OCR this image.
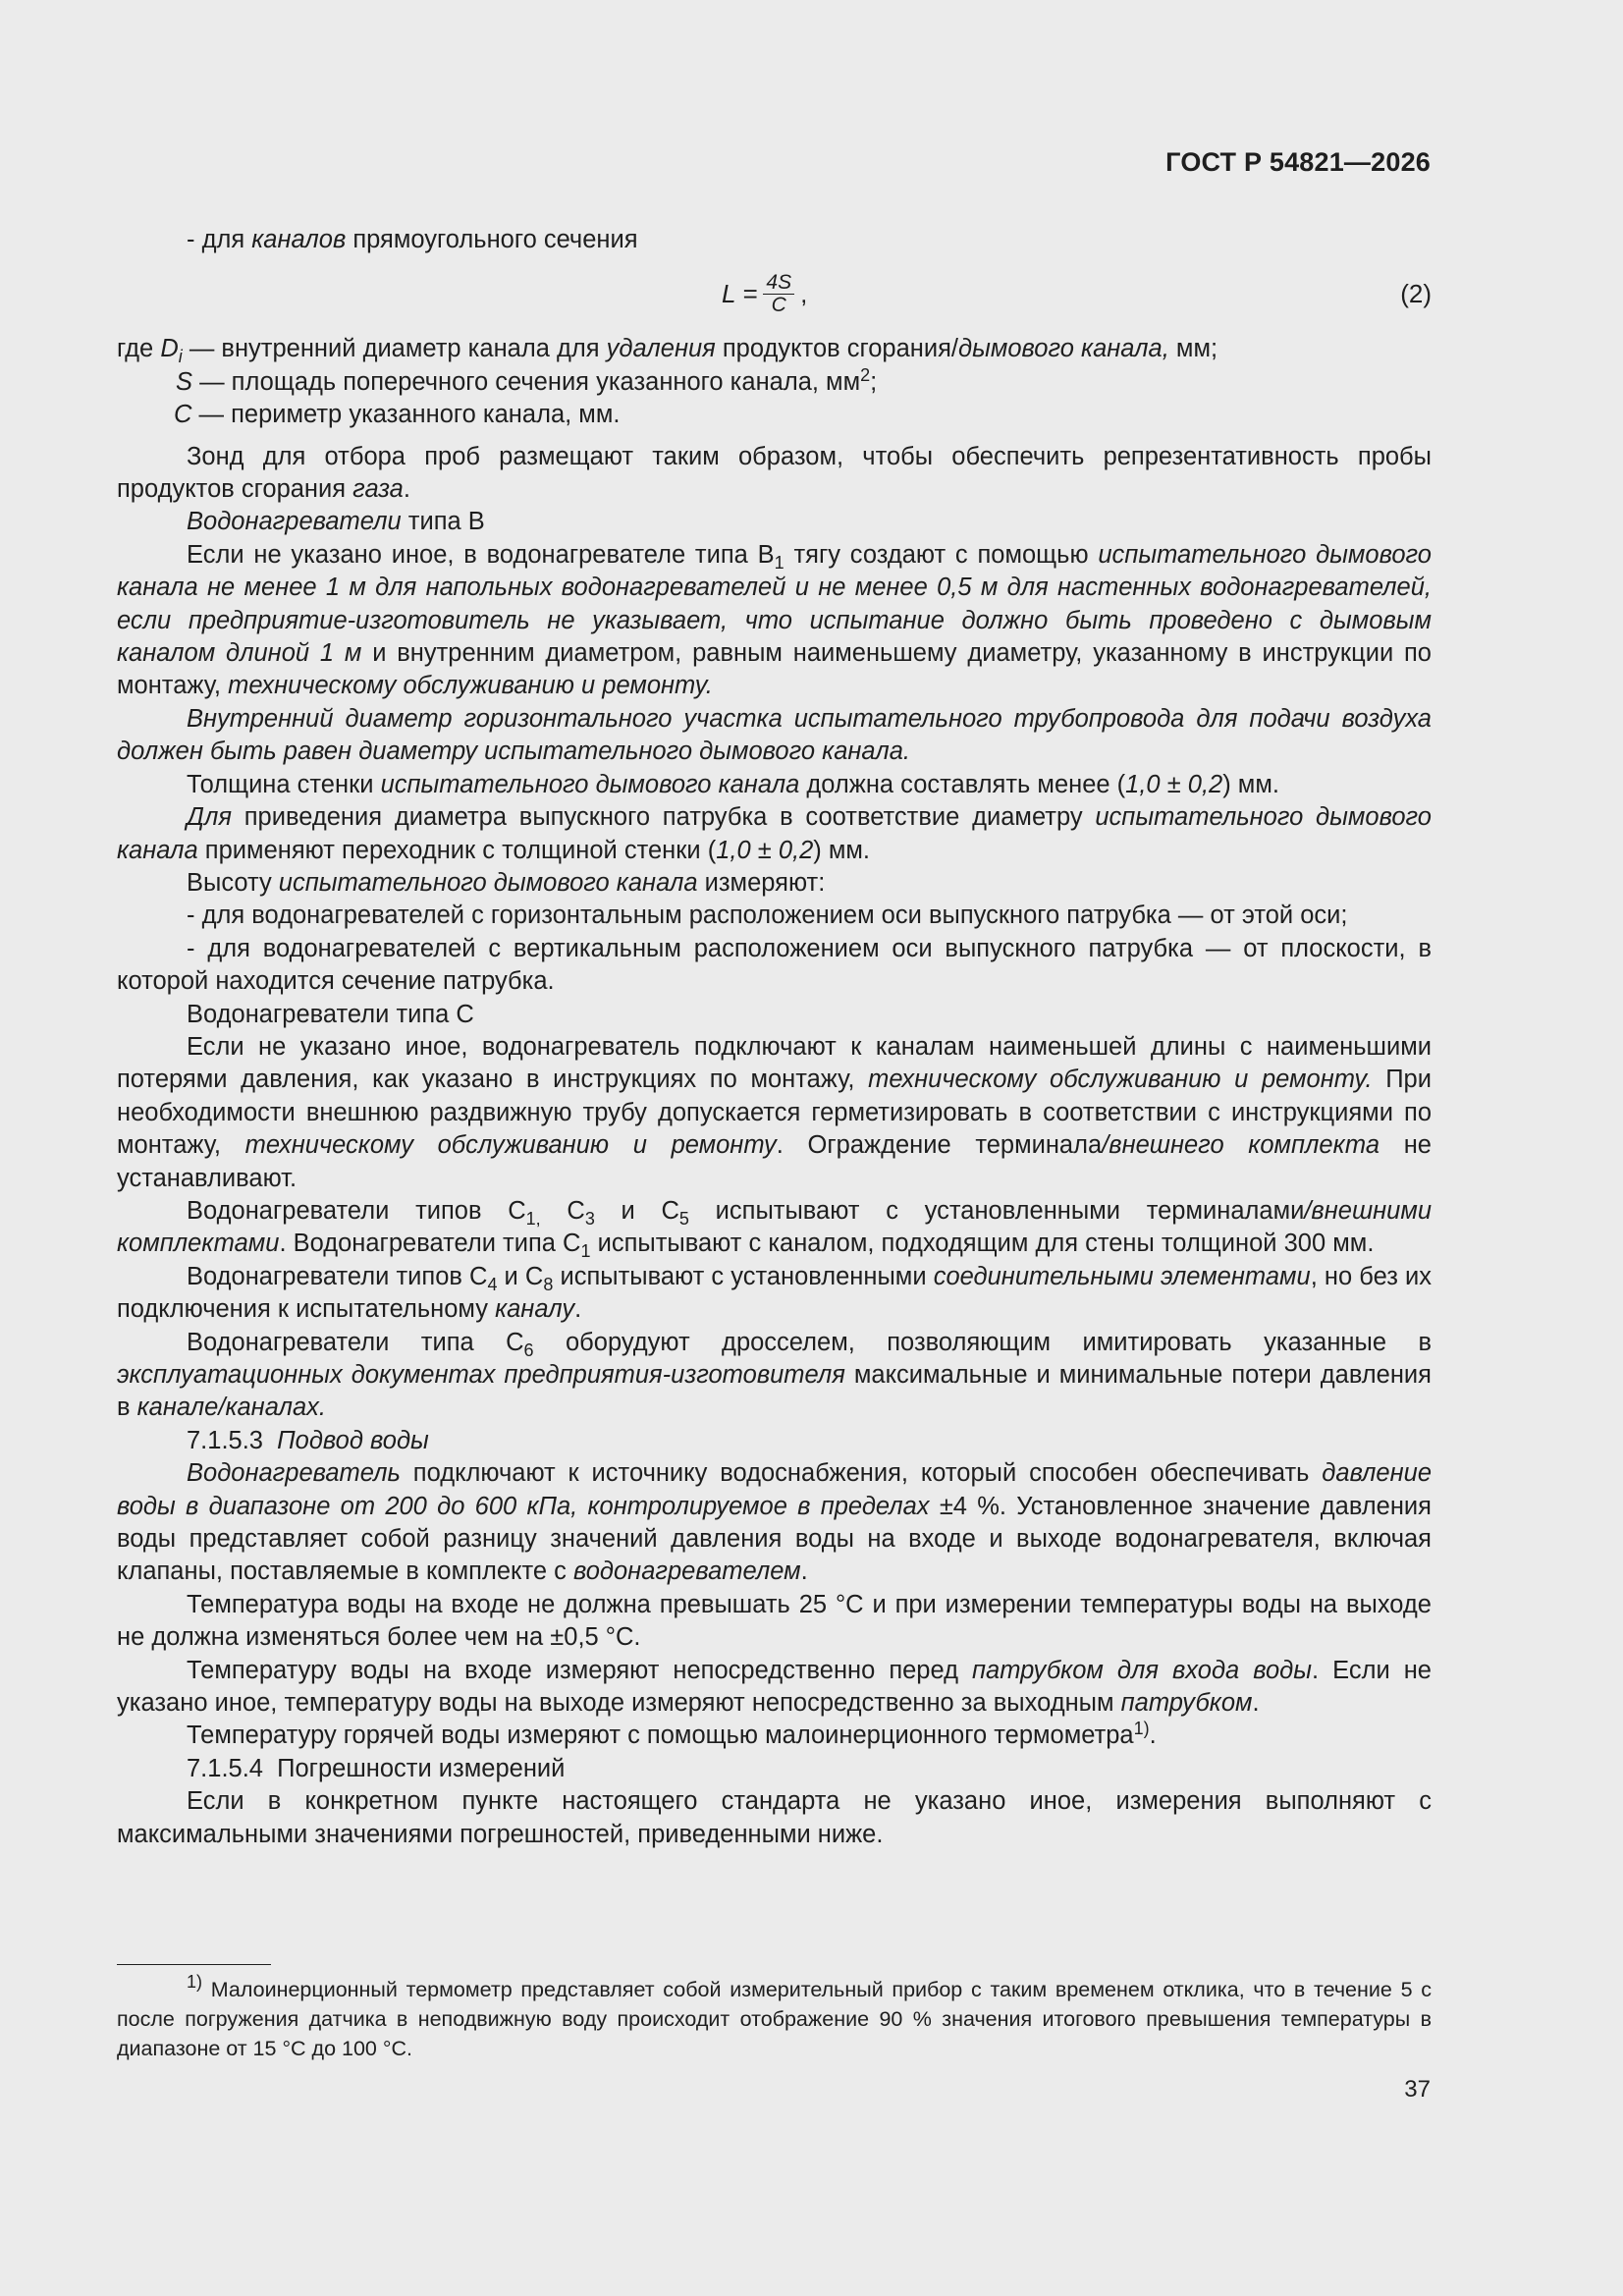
ГОСТ Р 54821—2026

- для каналов прямоугольного сечения

$L = \frac{4S}{C}$ ,	(2)
где $D_i$ — внутренний диаметр канала для удаления продуктов сгорания/дымового канала, мм;
S — площадь поперечного сечения указанного канала, $мм^2$;
C — периметр указанного канала, мм.

Зонд для отбора проб размещают таким образом, чтобы обеспечить репрезентативность пробы продуктов сгорания газа.

Водонагреватели типа В

Если не указано иное, в водонагревателе типа $В_1$ тягу создают с помощью испытательного дымового канала не менее 1 м для напольных водонагревателей и не менее 0,5 м для настенных водонагревателей, если предприятие-изготовитель не указывает, что испытание должно быть проведено с дымовым каналом длиной 1 м и внутренним диаметром, равным наименьшему диаметру, указанному в инструкции по монтажу, техническому обслуживанию и ремонту.

Внутренний диаметр горизонтального участка испытательного трубопровода для подачи воздуха должен быть равен диаметру испытательного дымового канала.

Толщина стенки испытательного дымового канала должна составлять менее (1,0 ± 0,2) мм.

Для приведения диаметра выпускного патрубка в соответствие диаметру испытательного дымового канала применяют переходник с толщиной стенки (1,0 ± 0,2) мм.

Высоту испытательного дымового канала измеряют:

- для водонагревателей с горизонтальным расположением оси выпускного патрубка — от этой оси;

- для водонагревателей с вертикальным расположением оси выпускного патрубка — от плоскости, в которой находится сечение патрубка.

Водонагреватели типа С

Если не указано иное, водонагреватель подключают к каналам наименьшей длины с наименьшими потерями давления, как указано в инструкциях по монтажу, техническому обслуживанию и ремонту. При необходимости внешнюю раздвижную трубу допускается герметизировать в соответствии с инструкциями по монтажу, техническому обслуживанию и ремонту. Ограждение терминала/внешнего комплекта не устанавливают.

Водонагреватели типов $С_{1,}$ $С_3$ и $С_5$ испытывают с установленными терминалами/внешними комплектами. Водонагреватели типа $С_1$ испытывают с каналом, подходящим для стены толщиной 300 мм.

Водонагреватели типов $С_4$ и $С_8$ испытывают с установленными соединительными элементами, но без их подключения к испытательному каналу.

Водонагреватели типа $С_6$ оборудуют дросселем, позволяющим имитировать указанные в эксплуатационных документах предприятия-изготовителя максимальные и минимальные потери давления в канале/каналах.

7.1.5.3 Подвод воды

Водонагреватель подключают к источнику водоснабжения, который способен обеспечивать давление воды в диапазоне от 200 до 600 кПа, контролируемое в пределах ±4 %. Установленное значение давления воды представляет собой разницу значений давления воды на входе и выходе водонагревателя, включая клапаны, поставляемые в комплекте с водонагревателем.

Температура воды на входе не должна превышать 25 °С и при измерении температуры воды на выходе не должна изменяться более чем на ±0,5 °С.

Температуру воды на входе измеряют непосредственно перед патрубком для входа воды. Если не указано иное, температуру воды на выходе измеряют непосредственно за выходным патрубком.

Температуру горячей воды измеряют с помощью малоинерционного термометра$^{1)}$.

7.1.5.4 Погрешности измерений

Если в конкретном пункте настоящего стандарта не указано иное, измерения выполняют с максимальными значениями погрешностей, приведенными ниже.

$^{1)}$ Малоинерционный термометр представляет собой измерительный прибор с таким временем отклика, что в течение 5 с после погружения датчика в неподвижную воду происходит отображение 90 % значения итогового превышения температуры в диапазоне от 15 °С до 100 °С.

37
